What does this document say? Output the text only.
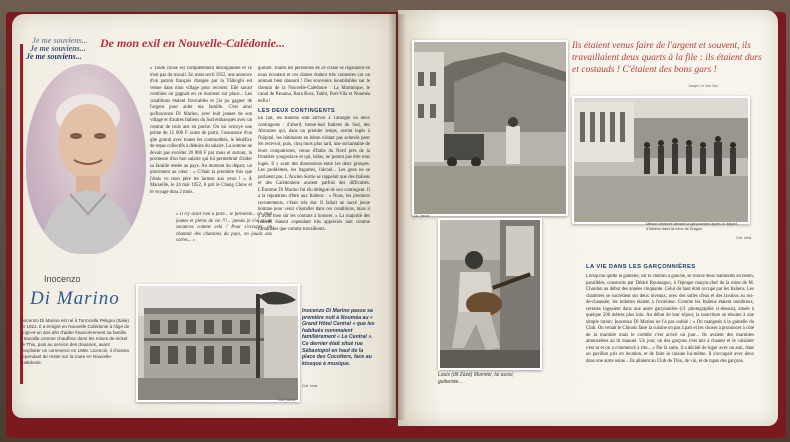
Je me souviens...
Je me souviens...
Je me souviens...
De mon exil en Nouvelle-Calédonie...
Inocenzo
Di Marino
Inocenzo Di Marino est né à Torrocella Peligna (Italie) en 1921. Il a émigré en Nouvelle-Calédonie à l'âge de vingt-et-un ans afin d'aider financièrement sa famille. Il travaille comme chauffeur dans les mines de nickel de Thio, puis au service des douanes, avant d'exploiter un commerce en 1956. Licencié, il choisira cependant de rester sur la route en Nouvelle-Calédonie.
« Toute chose est complètement désorganisée et ce n'est pas du travail. En mars-avril 1952, une annonce d'un patron français chargée par la Tâhiogbi est venue dans mon village pour recruter. Elle savait combien on gagnait en ce moment sur place... Les conditions étaient favorables et j'ai pu gagner de l'argent pour aider ma famille. C'est ainsi qu'Inocenzo Di Marino, avec huit jeunes de son village et d'autres Italiens du Sud embarqués avec un contrat de trois ans en poche. On lui octroye une prime de 15 000 F avant de partir, l'assurance d'un gîte gratuit avec toutes les commodités, le bénéfice de repas collectifs à déduire du salaire. La somme ne devait pas excéder 20 000 F par mois et surtout, la promesse d'un bon salaire qui lui permettrait d'aider sa famille restée au pays. Au moment du départ, un pincement au cœur : « C'était la première fois que j'étais vu mon père les larmes aux yeux ! » À Marseille, le 24 mai 1952, il prit le Chang Chow et le voyage dura 2 mois.
« Il n'y avait rien à faire... le farniente... on était jeunes et pleins de vie !!!... jamais je n'ai vu de vacances comme cela ! Pour s'occuper, on chantait des chansons du pays, on jouait aux cartes... »
guitare. Toutes les personnes de 2e classe se regalaient en nous écoutant et ces dames étaient très contentes car on animait bien dansant ! Des souvenirs inoubliables sur le chemin de la Nouvelle-Calédonie : La Martinique, le canal de Panama, Bora Bora, Tahiti, Port-Vila et Nouméa enfin !
LES DEUX CONTINGENTS
En fait, les Italiens sont arrivés à Tâhiogbi en deux contingents : d'abord, trente-huit Italiens du Sud, des Abruzzes qui, dans un premier temps, seront logés à l'hôpital, les bâtiments en béton n'étant pas achevés pour les recevoir, puis, cinq mois plus tard, une soixantaine de leurs compatriotes, venus d'Italie du Nord près de la frontière yougoslave et qui, hélas, ne purent pas être tous logés. Il y avait des dissensions entre les deux groupes. Les problèmes, les bagarres, l'alcool... Les gens ne se parlaient pas. L'Ancien Sortie se rappelait que des Italiens et des Calédoniens avaient parfois des difficultés. L'Énorme Di Marino fut élu délégué de son contingent. Il a la réputation d'être aux Italiens : « Nous, les premiers recrutements, c'était très dur. Il fallait un sacré jeune homme pour venir s'installer dans ces conditions, mais il y avait bien sûr les contrats à honorer. » La majorité des Italiens étaient cependant très appréciés tant comme camarades que comme travailleurs.
Coll. Nardo
Inocenzo Di Marino passe sa première nuit à Nouméa au « Grand Hôtel Central » que les habitués nommaient familièrement « Le Central ». Ce dernier était situé rue Sébastopol en haut de la place des Cocotiers, face au kiosque à musique.
Coll. Ineis
Ils étaient venus faire de l'argent et souvent, ils travaillaient deux quarts à la file : ils étaient durs et costauds ! C'étaient des bons gars !
Joseph Le Van Son
Coll. Nardo
Messe célébrée devant la garçonnière après le départ d'Italiens dans la mine de Dragon.
Coll. Ineis
Louis (dit Zézé) Monnier, lui aussi, guitariste...
LA VIE DANS LES GARÇONNIÈRES
Lorsqu'on quitte la gamelle, sur le chemin à gauche, se trouve deux bâtiments en béton, parallèles, construits par Désiré Roumagno, à l'époque maçon-chef de la mine de M. Chardon au début des années cinquante. Celui du haut était occupé par les Italiens. Les chambres se succèdent sur deux niveaux, avec des salles d'eau et des lavabos au rez-de-chaussée, les toilettes étaient à l'extérieur. Comme les Italiens étaient nombreux, certains logeaient dans une autre garçonnière (cf. photographie ci-dessus), située à quelque 500 mètres plus loin. Au début de leur séjour, la nourriture se résume à une simple ration: Inocenzo Di Marino ne l'a pas oublié : « On mangeait à la gamelle du Club. On venait le Chinois faire la cuisine on pas à part et les choses à prononcer à côté de la marmite mais le comble c'est arrivé un jour... Ils avaient des marmites amoncelées au lit manuel. Un jour, un des garçons s'est mis à chanter et le cuisinier s'est tu et on a commencé à rire... » Par la suite, il a décidé de loger avec un ami, dans un pavillon pris en location, et de faire la cuisine lui-même. Il s'occupait avec deux dans une autre usine... Ils allaient au Club de Thio, de vin, et de tapas des garçons.
